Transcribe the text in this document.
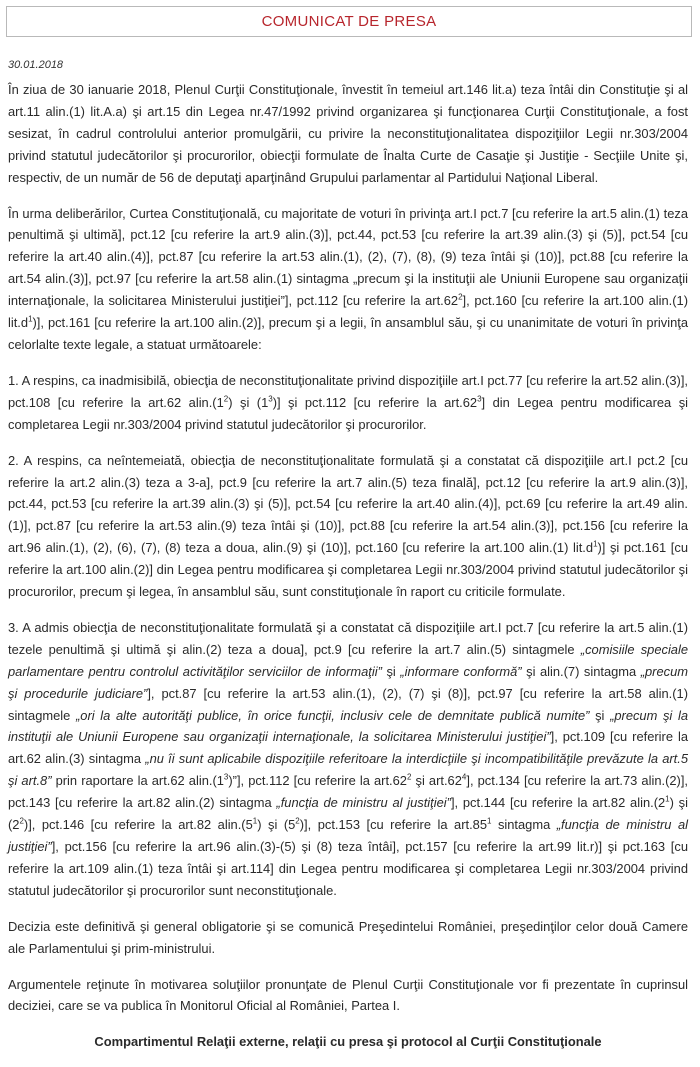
COMUNICAT DE PRESA
30.01.2018

În ziua de 30 ianuarie 2018, Plenul Curţii Constituţionale, învestit în temeiul art.146 lit.a) teza întâi din Constituţie şi al art.11 alin.(1) lit.A.a) şi art.15 din Legea nr.47/1992 privind organizarea şi funcţionarea Curţii Constituţionale, a fost sesizat, în cadrul controlului anterior promulgării, cu privire la neconstituţionalitatea dispoziţiilor Legii nr.303/2004 privind statutul judecătorilor şi procurorilor, obiecţii formulate de Înalta Curte de Casaţie şi Justiţie - Secţiile Unite şi, respectiv, de un număr de 56 de deputaţi aparţinând Grupului parlamentar al Partidului Naţional Liberal.

În urma deliberărilor, Curtea Constituţională, cu majoritate de voturi în privinţa art.I pct.7 [cu referire la art.5 alin.(1) teza penultimă şi ultimă], pct.12 [cu referire la art.9 alin.(3)], pct.44, pct.53 [cu referire la art.39 alin.(3) şi (5)], pct.54 [cu referire la art.40 alin.(4)], pct.87 [cu referire la art.53 alin.(1), (2), (7), (8), (9) teza întâi şi (10)], pct.88 [cu referire la art.54 alin.(3)], pct.97 [cu referire la art.58 alin.(1) sintagma „precum şi la instituţii ale Uniunii Europene sau organizaţii internaţionale, la solicitarea Ministerului justiţiei”], pct.112 [cu referire la $art.62^2$], pct.160 [cu referire la art.100 alin.(1) $lit.d^1$)], pct.161 [cu referire la art.100 alin.(2)], precum şi a legii, în ansamblul său, şi cu unanimitate de voturi în privinţa celorlalte texte legale, a statuat următoarele:

1. A respins, ca inadmisibilă, obiecţia de neconstituţionalitate privind dispoziţiile art.I pct.77 [cu referire la art.52 alin.(3)], pct.108 [cu referire la art.62 $alin.(1^2)$ şi $(1^3)$] şi pct.112 [cu referire la $art.62^3$] din Legea pentru modificarea şi completarea Legii nr.303/2004 privind statutul judecătorilor şi procurorilor.

2. A respins, ca neîntemeiată, obiecţia de neconstituţionalitate formulată şi a constatat că dispoziţiile art.I pct.2 [cu referire la art.2 alin.(3) teza a 3-a], pct.9 [cu referire la art.7 alin.(5) teza finală], pct.12 [cu referire la art.9 alin.(3)], pct.44, pct.53 [cu referire la art.39 alin.(3) şi (5)], pct.54 [cu referire la art.40 alin.(4)], pct.69 [cu referire la art.49 alin.(1)], pct.87 [cu referire la art.53 alin.(9) teza întâi şi (10)], pct.88 [cu referire la art.54 alin.(3)], pct.156 [cu referire la art.96 alin.(1), (2), (6), (7), (8) teza a doua, alin.(9) şi (10)], pct.160 [cu referire la art.100 alin.(1) $lit.d^1$)] şi pct.161 [cu referire la art.100 alin.(2)] din Legea pentru modificarea şi completarea Legii nr.303/2004 privind statutul judecătorilor şi procurorilor, precum şi legea, în ansamblul său, sunt constituţionale în raport cu criticile formulate.

3. A admis obiecţia de neconstituţionalitate formulată şi a constatat că dispoziţiile art.I pct.7 [cu referire la art.5 alin.(1) tezele penultimă şi ultimă şi alin.(2) teza a doua], pct.9 [cu referire la art.7 alin.(5) sintagmele „comisiile speciale parlamentare pentru controlul activităţilor serviciilor de informaţii” şi „informare conformă” şi alin.(7) sintagma „precum şi procedurile judiciare”], pct.87 [cu referire la art.53 alin.(1), (2), (7) şi (8)], pct.97 [cu referire la art.58 alin.(1) sintagmele „ori la alte autorităţi publice, în orice funcţii, inclusiv cele de demnitate publică numite” şi „precum şi la instituţii ale Uniunii Europene sau organizaţii internaţionale, la solicitarea Ministerului justiţiei”], pct.109 [cu referire la art.62 alin.(3) sintagma „nu îi sunt aplicabile dispoziţiile referitoare la interdicţiile şi incompatibilităţile prevăzute la art.5 şi art.8” prin raportare la art.62 $alin.(1^3)$”], pct.112 [cu referire la $art.62^2$ şi $art.62^4$], pct.134 [cu referire la art.73 alin.(2)], pct.143 [cu referire la art.82 alin.(2) sintagma „funcţia de ministru al justiţiei”], pct.144 [cu referire la art.82 $alin.(2^1)$ şi $(2^2)$], pct.146 [cu referire la art.82 $alin.(5^1)$ şi $(5^2)$], pct.153 [cu referire la $art.85^1$ sintagma „funcţia de ministru al justiţiei”], pct.156 [cu referire la art.96 alin.(3)-(5) şi (8) teza întâi], pct.157 [cu referire la art.99 lit.r)] şi pct.163 [cu referire la art.109 alin.(1) teza întâi şi art.114] din Legea pentru modificarea şi completarea Legii nr.303/2004 privind statutul judecătorilor şi procurorilor sunt neconstituţionale.

Decizia este definitivă şi general obligatorie şi se comunică Preşedintelui României, preşedinţilor celor două Camere ale Parlamentului şi prim-ministrului.

Argumentele reţinute în motivarea soluţiilor pronunţate de Plenul Curţii Constituţionale vor fi prezentate în cuprinsul deciziei, care se va publica în Monitorul Oficial al României, Partea I.

Compartimentul Relaţii externe, relaţii cu presa şi protocol al Curţii Constituţionale
